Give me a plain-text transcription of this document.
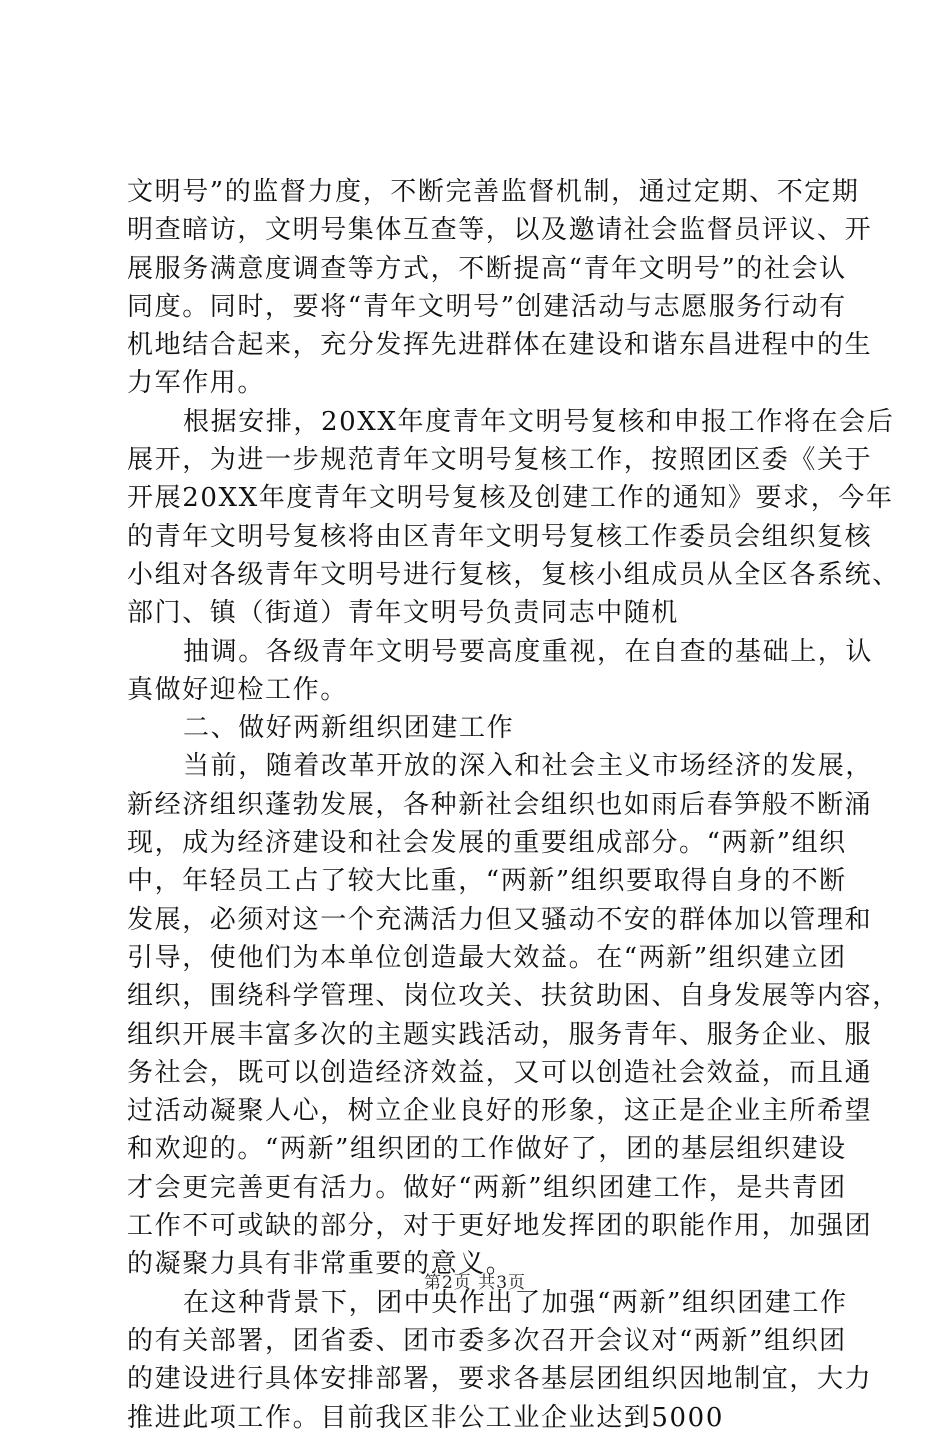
文明号”的监督力度，不断完善监督机制，通过定期、不定期
明查暗访，文明号集体互查等，以及邀请社会监督员评议、开
展服务满意度调查等方式，不断提高“青年文明号”的社会认
同度。同时，要将“青年文明号”创建活动与志愿服务行动有
机地结合起来，充分发挥先进群体在建设和谐东昌进程中的生
力军作用。
根据安排，20XX年度青年文明号复核和申报工作将在会后
展开，为进一步规范青年文明号复核工作，按照团区委《关于
开展20XX年度青年文明号复核及创建工作的通知》要求，今年
的青年文明号复核将由区青年文明号复核工作委员会组织复核
小组对各级青年文明号进行复核，复核小组成员从全区各系统、
部门、镇（街道）青年文明号负责同志中随机
抽调。各级青年文明号要高度重视，在自查的基础上，认
真做好迎检工作。
二、做好两新组织团建工作
当前，随着改革开放的深入和社会主义市场经济的发展，
新经济组织蓬勃发展，各种新社会组织也如雨后春笋般不断涌
现，成为经济建设和社会发展的重要组成部分。“两新”组织
中，年轻员工占了较大比重，“两新”组织要取得自身的不断
发展，必须对这一个充满活力但又骚动不安的群体加以管理和
引导，使他们为本单位创造最大效益。在“两新”组织建立团
组织，围绕科学管理、岗位攻关、扶贫助困、自身发展等内容，
组织开展丰富多次的主题实践活动，服务青年、服务企业、服
务社会，既可以创造经济效益，又可以创造社会效益，而且通
过活动凝聚人心，树立企业良好的形象，这正是企业主所希望
和欢迎的。“两新”组织团的工作做好了，团的基层组织建设
才会更完善更有活力。做好“两新”组织团建工作，是共青团
工作不可或缺的部分，对于更好地发挥团的职能作用，加强团
的凝聚力具有非常重要的意义。
在这种背景下，团中央作出了加强“两新”组织团建工作
的有关部署，团省委、团市委多次召开会议对“两新”组织团
的建设进行具体安排部署，要求各基层团组织因地制宜，大力
推进此项工作。目前我区非公工业企业达到5000
第2页 共3页
